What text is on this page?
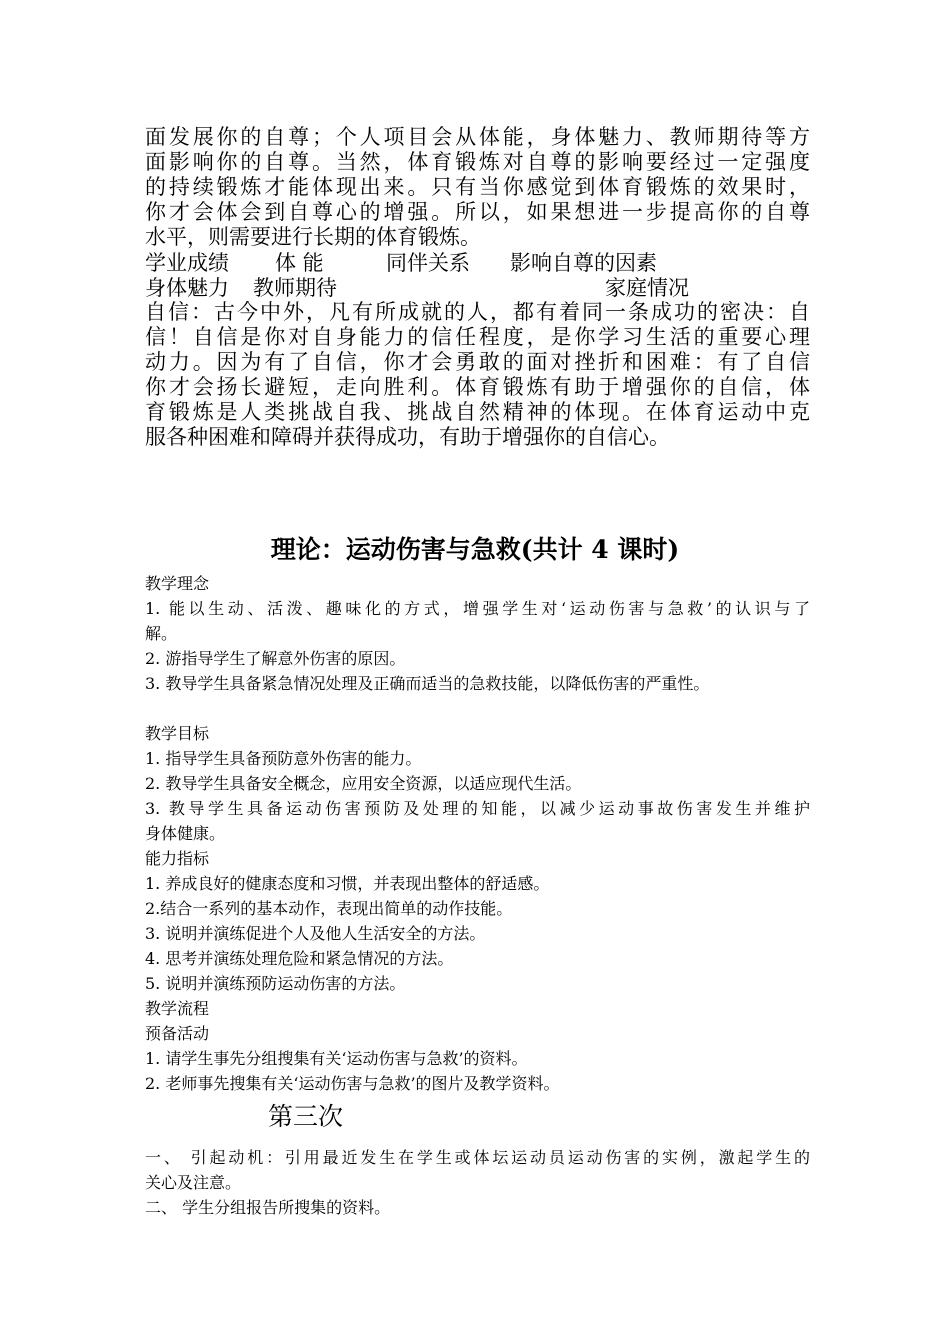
面发展你的自尊；个人项目会从体能，身体魅力、教师期待等方
面影响你的自尊。当然，体育锻炼对自尊的影响要经过一定强度
的持续锻炼才能体现出来。只有当你感觉到体育锻炼的效果时，
你才会体会到自尊心的增强。所以，如果想进一步提高你的自尊
水平，则需要进行长期的体育锻炼。
学业成绩 体 能	同伴关系 影响自尊的因素
身体魅力 教师期待	家庭情况
自信：古今中外，凡有所成就的人，都有着同一条成功的密决：自
信！自信是你对自身能力的信任程度，是你学习生活的重要心理
动力。因为有了自信，你才会勇敢的面对挫折和困难：有了自信
你才会扬长避短，走向胜利。体育锻炼有助于增强你的自信，体
育锻炼是人类挑战自我、挑战自然精神的体现。在体育运动中克
服各种困难和障碍并获得成功，有助于增强你的自信心。
理论：运动伤害与急救(共计 4 课时)
教学理念
1. 能以生动、活泼、趣味化的方式，增强学生对‘运动伤害与急救’的认识与了
解。
2. 游指导学生了解意外伤害的原因。
3. 教导学生具备紧急情况处理及正确而适当的急救技能，以降低伤害的严重性。
教学目标
1. 指导学生具备预防意外伤害的能力。
2. 教导学生具备安全概念，应用安全资源，以适应现代生活。
3. 教导学生具备运动伤害预防及处理的知能，以减少运动事故伤害发生并维护
身体健康。
能力指标
1. 养成良好的健康态度和习惯，并表现出整体的舒适感。
2.结合一系列的基本动作，表现出简单的动作技能。
3. 说明并演练促进个人及他人生活安全的方法。
4. 思考并演练处理危险和紧急情况的方法。
5. 说明并演练预防运动伤害的方法。
教学流程
预备活动
1. 请学生事先分组搜集有关‘运动伤害与急救’的资料。
2. 老师事先搜集有关‘运动伤害与急救’的图片及教学资料。
第三次
一、 引起动机：引用最近发生在学生或体坛运动员运动伤害的实例，激起学生的
关心及注意。
二、 学生分组报告所搜集的资料。
